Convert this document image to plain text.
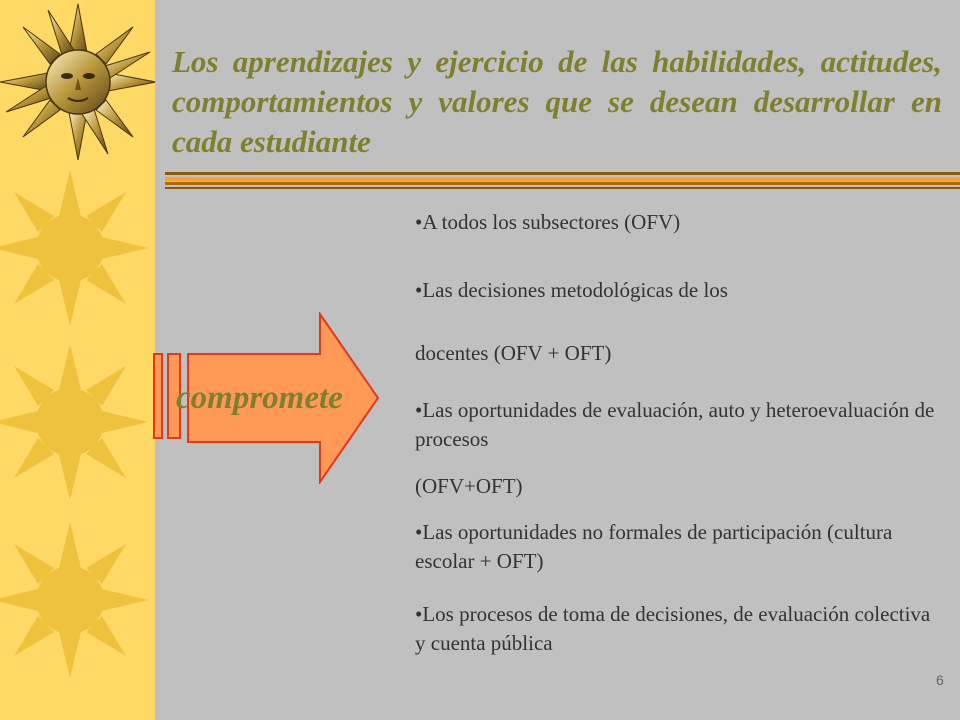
Los aprendizajes y ejercicio de las habilidades, actitudes, comportamientos y valores que se desean desarrollar en cada estudiante
compromete

•A todos los subsectores (OFV)

•Las decisiones metodológicas de los

docentes (OFV + OFT)

•Las oportunidades de evaluación, auto y heteroevaluación de procesos

(OFV+OFT)

•Las oportunidades no formales de participación (cultura escolar + OFT)

•Los procesos de toma de decisiones, de evaluación colectiva y cuenta pública

6
